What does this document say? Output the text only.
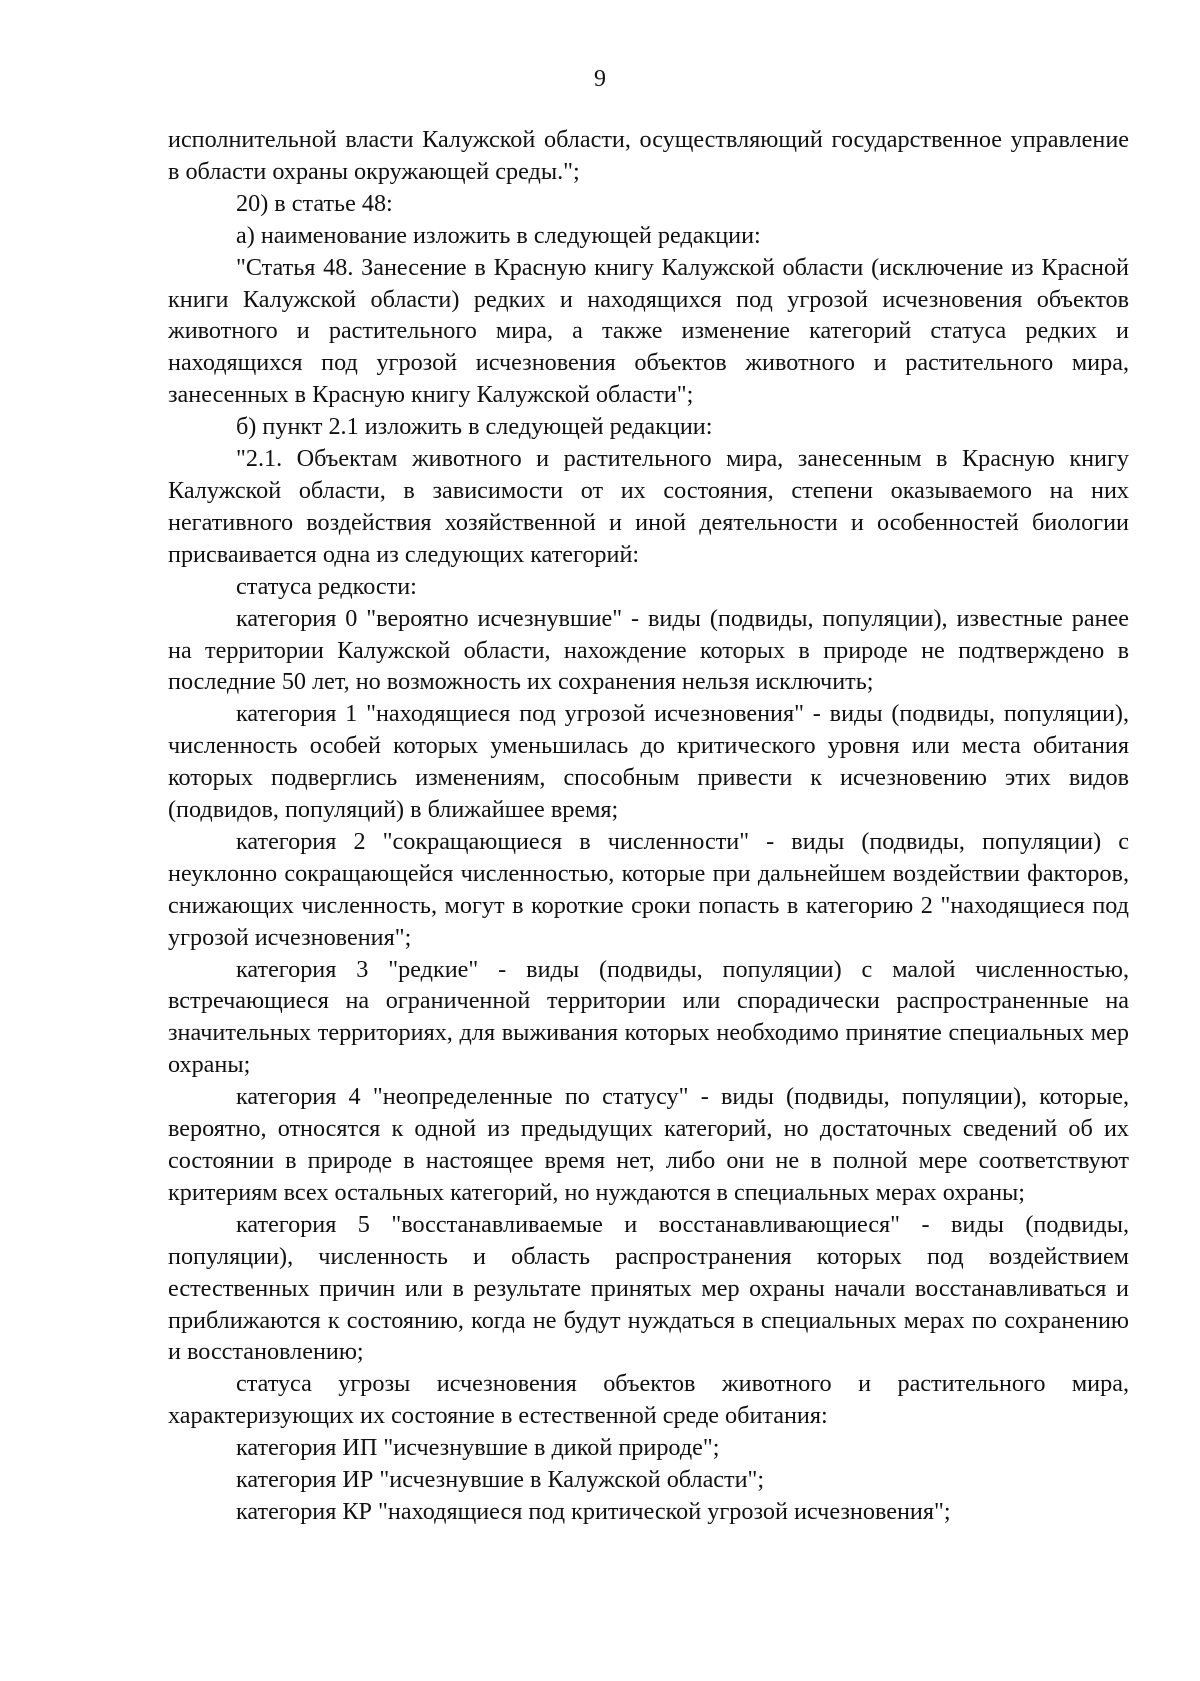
9

исполнительной власти Калужской области, осуществляющий государственное управление в области охраны окружающей среды.";

20) в статье 48:

а) наименование изложить в следующей редакции:

"Статья 48. Занесение в Красную книгу Калужской области (исключение из Красной книги Калужской области) редких и находящихся под угрозой исчезновения объектов животного и растительного мира, а также изменение категорий статуса редких и находящихся под угрозой исчезновения объектов животного и растительного мира, занесенных в Красную книгу Калужской области";

б) пункт 2.1 изложить в следующей редакции:

"2.1. Объектам животного и растительного мира, занесенным в Красную книгу Калужской области, в зависимости от их состояния, степени оказываемого на них негативного воздействия хозяйственной и иной деятельности и особенностей биологии присваивается одна из следующих категорий:

статуса редкости:

категория 0 "вероятно исчезнувшие" - виды (подвиды, популяции), известные ранее на территории Калужской области, нахождение которых в природе не подтверждено в последние 50 лет, но возможность их сохранения нельзя исключить;

категория 1 "находящиеся под угрозой исчезновения" - виды (подвиды, популяции), численность особей которых уменьшилась до критического уровня или места обитания которых подверглись изменениям, способным привести к исчезновению этих видов (подвидов, популяций) в ближайшее время;

категория 2 "сокращающиеся в численности" - виды (подвиды, популяции) с неуклонно сокращающейся численностью, которые при дальнейшем воздействии факторов, снижающих численность, могут в короткие сроки попасть в категорию 2 "находящиеся под угрозой исчезновения";

категория 3 "редкие" - виды (подвиды, популяции) с малой численностью, встречающиеся на ограниченной территории или спорадически распространенные на значительных территориях, для выживания которых необходимо принятие специальных мер охраны;

категория 4 "неопределенные по статусу" - виды (подвиды, популяции), которые, вероятно, относятся к одной из предыдущих категорий, но достаточных сведений об их состоянии в природе в настоящее время нет, либо они не в полной мере соответствуют критериям всех остальных категорий, но нуждаются в специальных мерах охраны;

категория 5 "восстанавливаемые и восстанавливающиеся" - виды (подвиды, популяции), численность и область распространения которых под воздействием естественных причин или в результате принятых мер охраны начали восстанавливаться и приближаются к состоянию, когда не будут нуждаться в специальных мерах по сохранению и восстановлению;

статуса угрозы исчезновения объектов животного и растительного мира, характеризующих их состояние в естественной среде обитания:

категория ИП "исчезнувшие в дикой природе";

категория ИР "исчезнувшие в Калужской области";

категория КР "находящиеся под критической угрозой исчезновения";
